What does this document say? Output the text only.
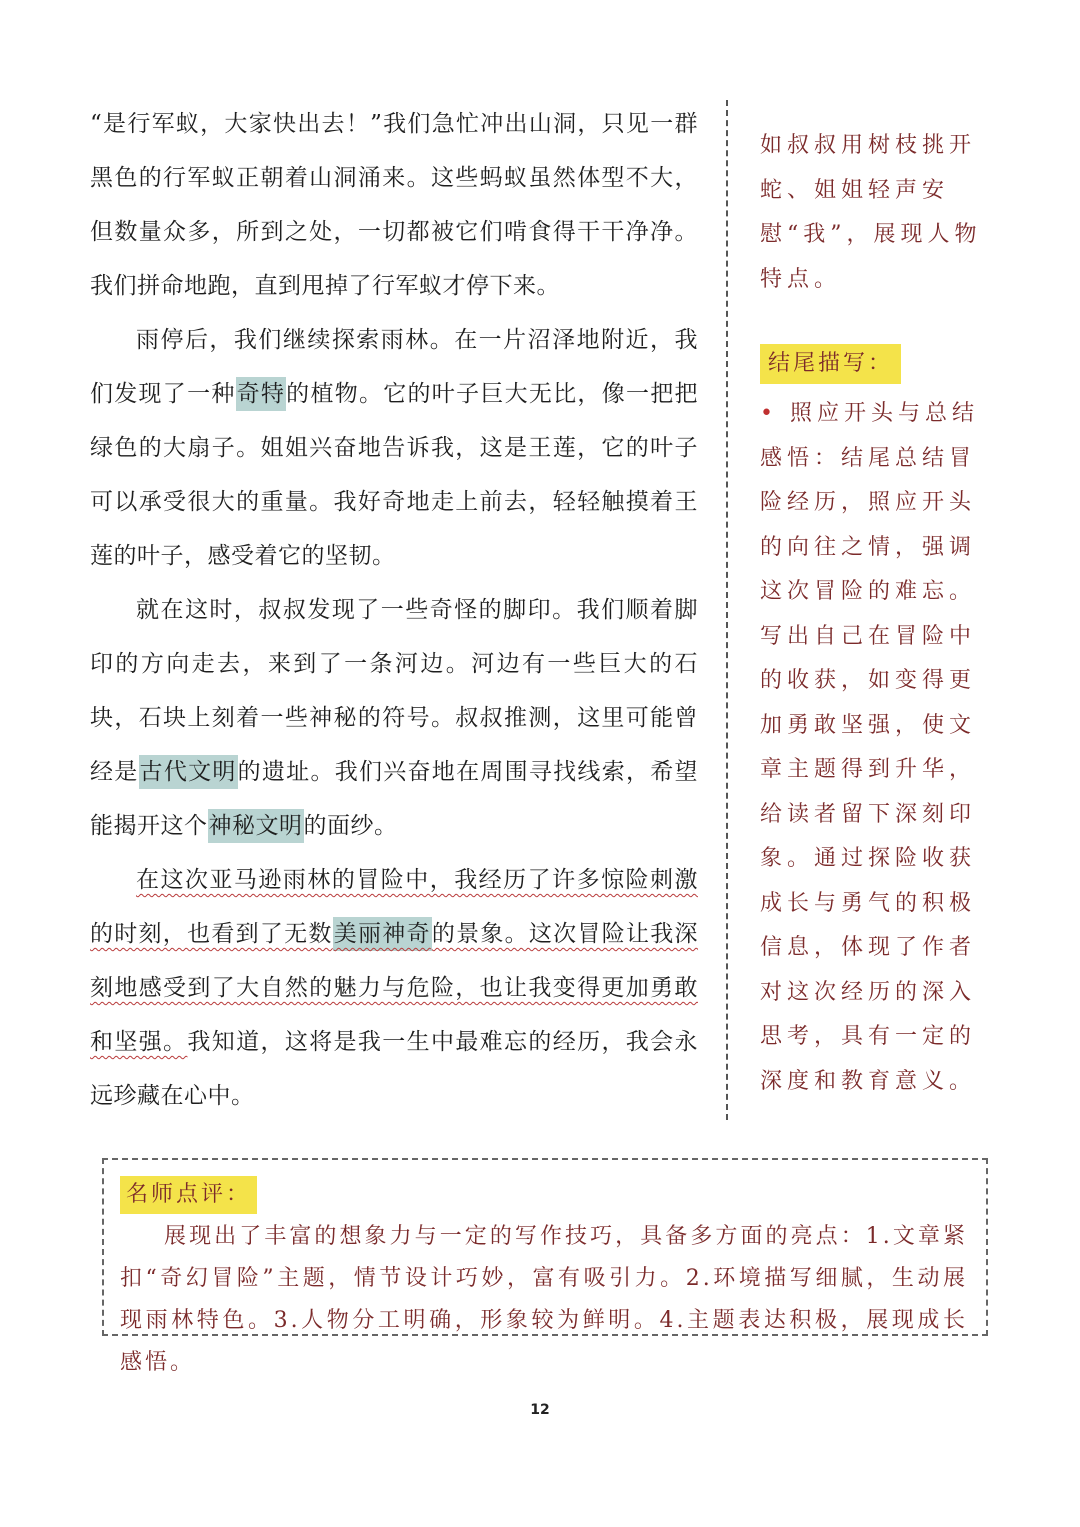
“是行军蚁，大家快出去！”我们急忙冲出山洞，只见一群黑色的行军蚁正朝着山洞涌来。这些蚂蚁虽然体型不大，但数量众多，所到之处，一切都被它们啃食得干干净净。我们拼命地跑，直到甩掉了行军蚁才停下来。

雨停后，我们继续探索雨林。在一片沼泽地附近，我们发现了一种奇特的植物。它的叶子巨大无比，像一把把绿色的大扇子。姐姐兴奋地告诉我，这是王莲，它的叶子可以承受很大的重量。我好奇地走上前去，轻轻触摸着王莲的叶子，感受着它的坚韧。

就在这时，叔叔发现了一些奇怪的脚印。我们顺着脚印的方向走去，来到了一条河边。河边有一些巨大的石块，石块上刻着一些神秘的符号。叔叔推测，这里可能曾经是古代文明的遗址。我们兴奋地在周围寻找线索，希望能揭开这个神秘文明的面纱。

在这次亚马逊雨林的冒险中，我经历了许多惊险刺激的时刻，也看到了无数美丽神奇的景象。这次冒险让我深刻地感受到了大自然的魅力与危险，也让我变得更加勇敢和坚强。我知道，这将是我一生中最难忘的经历，我会永远珍藏在心中。

如叔叔用树枝挑开蛇、姐姐轻声安慰“我”，展现人物特点。

结尾描写：

• 照应开头与总结感悟：结尾总结冒险经历，照应开头的向往之情，强调这次冒险的难忘。写出自己在冒险中的收获，如变得更加勇敢坚强，使文章主题得到升华，给读者留下深刻印象。通过探险收获成长与勇气的积极信息，体现了作者对这次经历的深入思考，具有一定的深度和教育意义。

名师点评：

展现出了丰富的想象力与一定的写作技巧，具备多方面的亮点：1.文章紧扣“奇幻冒险”主题，情节设计巧妙，富有吸引力。2.环境描写细腻，生动展现雨林特色。3.人物分工明确，形象较为鲜明。4.主题表达积极，展现成长感悟。

12
